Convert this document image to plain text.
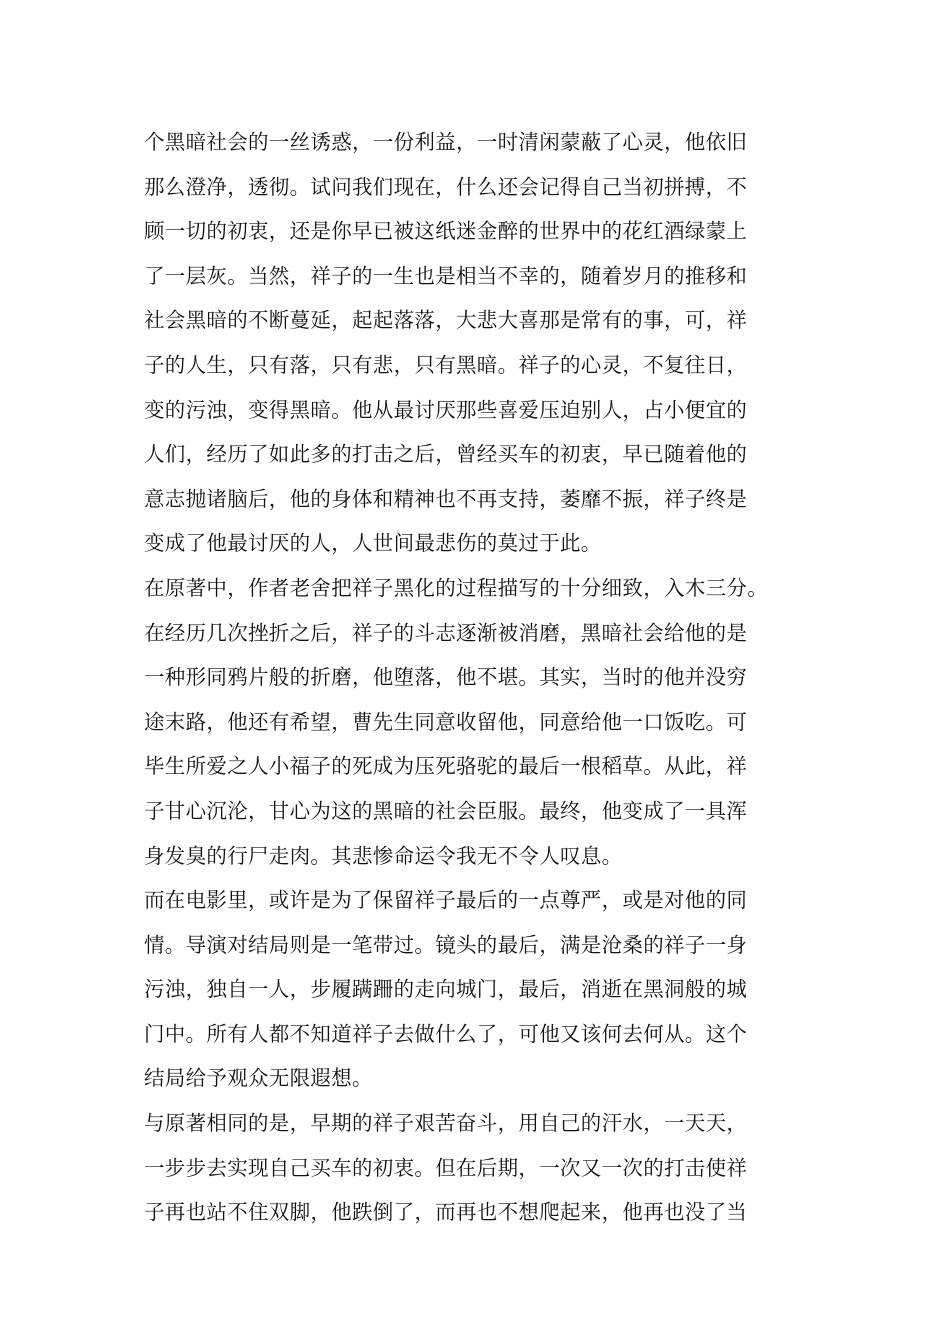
个黑暗社会的一丝诱惑，一份利益，一时清闲蒙蔽了心灵，他依旧
那么澄净，透彻。试问我们现在，什么还会记得自己当初拼搏，不
顾一切的初衷，还是你早已被这纸迷金醉的世界中的花红酒绿蒙上
了一层灰。当然，祥子的一生也是相当不幸的，随着岁月的推移和
社会黑暗的不断蔓延，起起落落，大悲大喜那是常有的事，可，祥
子的人生，只有落，只有悲，只有黑暗。祥子的心灵，不复往日，
变的污浊，变得黑暗。他从最讨厌那些喜爱压迫别人，占小便宜的
人们，经历了如此多的打击之后，曾经买车的初衷，早已随着他的
意志抛诸脑后，他的身体和精神也不再支持，萎靡不振，祥子终是
变成了他最讨厌的人，人世间最悲伤的莫过于此。
在原著中，作者老舍把祥子黑化的过程描写的十分细致，入木三分。
在经历几次挫折之后，祥子的斗志逐渐被消磨，黑暗社会给他的是
一种形同鸦片般的折磨，他堕落，他不堪。其实，当时的他并没穷
途末路，他还有希望，曹先生同意收留他，同意给他一口饭吃。可
毕生所爱之人小福子的死成为压死骆驼的最后一根稻草。从此，祥
子甘心沉沦，甘心为这的黑暗的社会臣服。最终，他变成了一具浑
身发臭的行尸走肉。其悲惨命运令我无不令人叹息。
而在电影里，或许是为了保留祥子最后的一点尊严，或是对他的同
情。导演对结局则是一笔带过。镜头的最后，满是沧桑的祥子一身
污浊，独自一人，步履蹒跚的走向城门，最后，消逝在黑洞般的城
门中。所有人都不知道祥子去做什么了，可他又该何去何从。这个
结局给予观众无限遐想。
与原著相同的是，早期的祥子艰苦奋斗，用自己的汗水，一天天，
一步步去实现自己买车的初衷。但在后期，一次又一次的打击使祥
子再也站不住双脚，他跌倒了，而再也不想爬起来，他再也没了当
